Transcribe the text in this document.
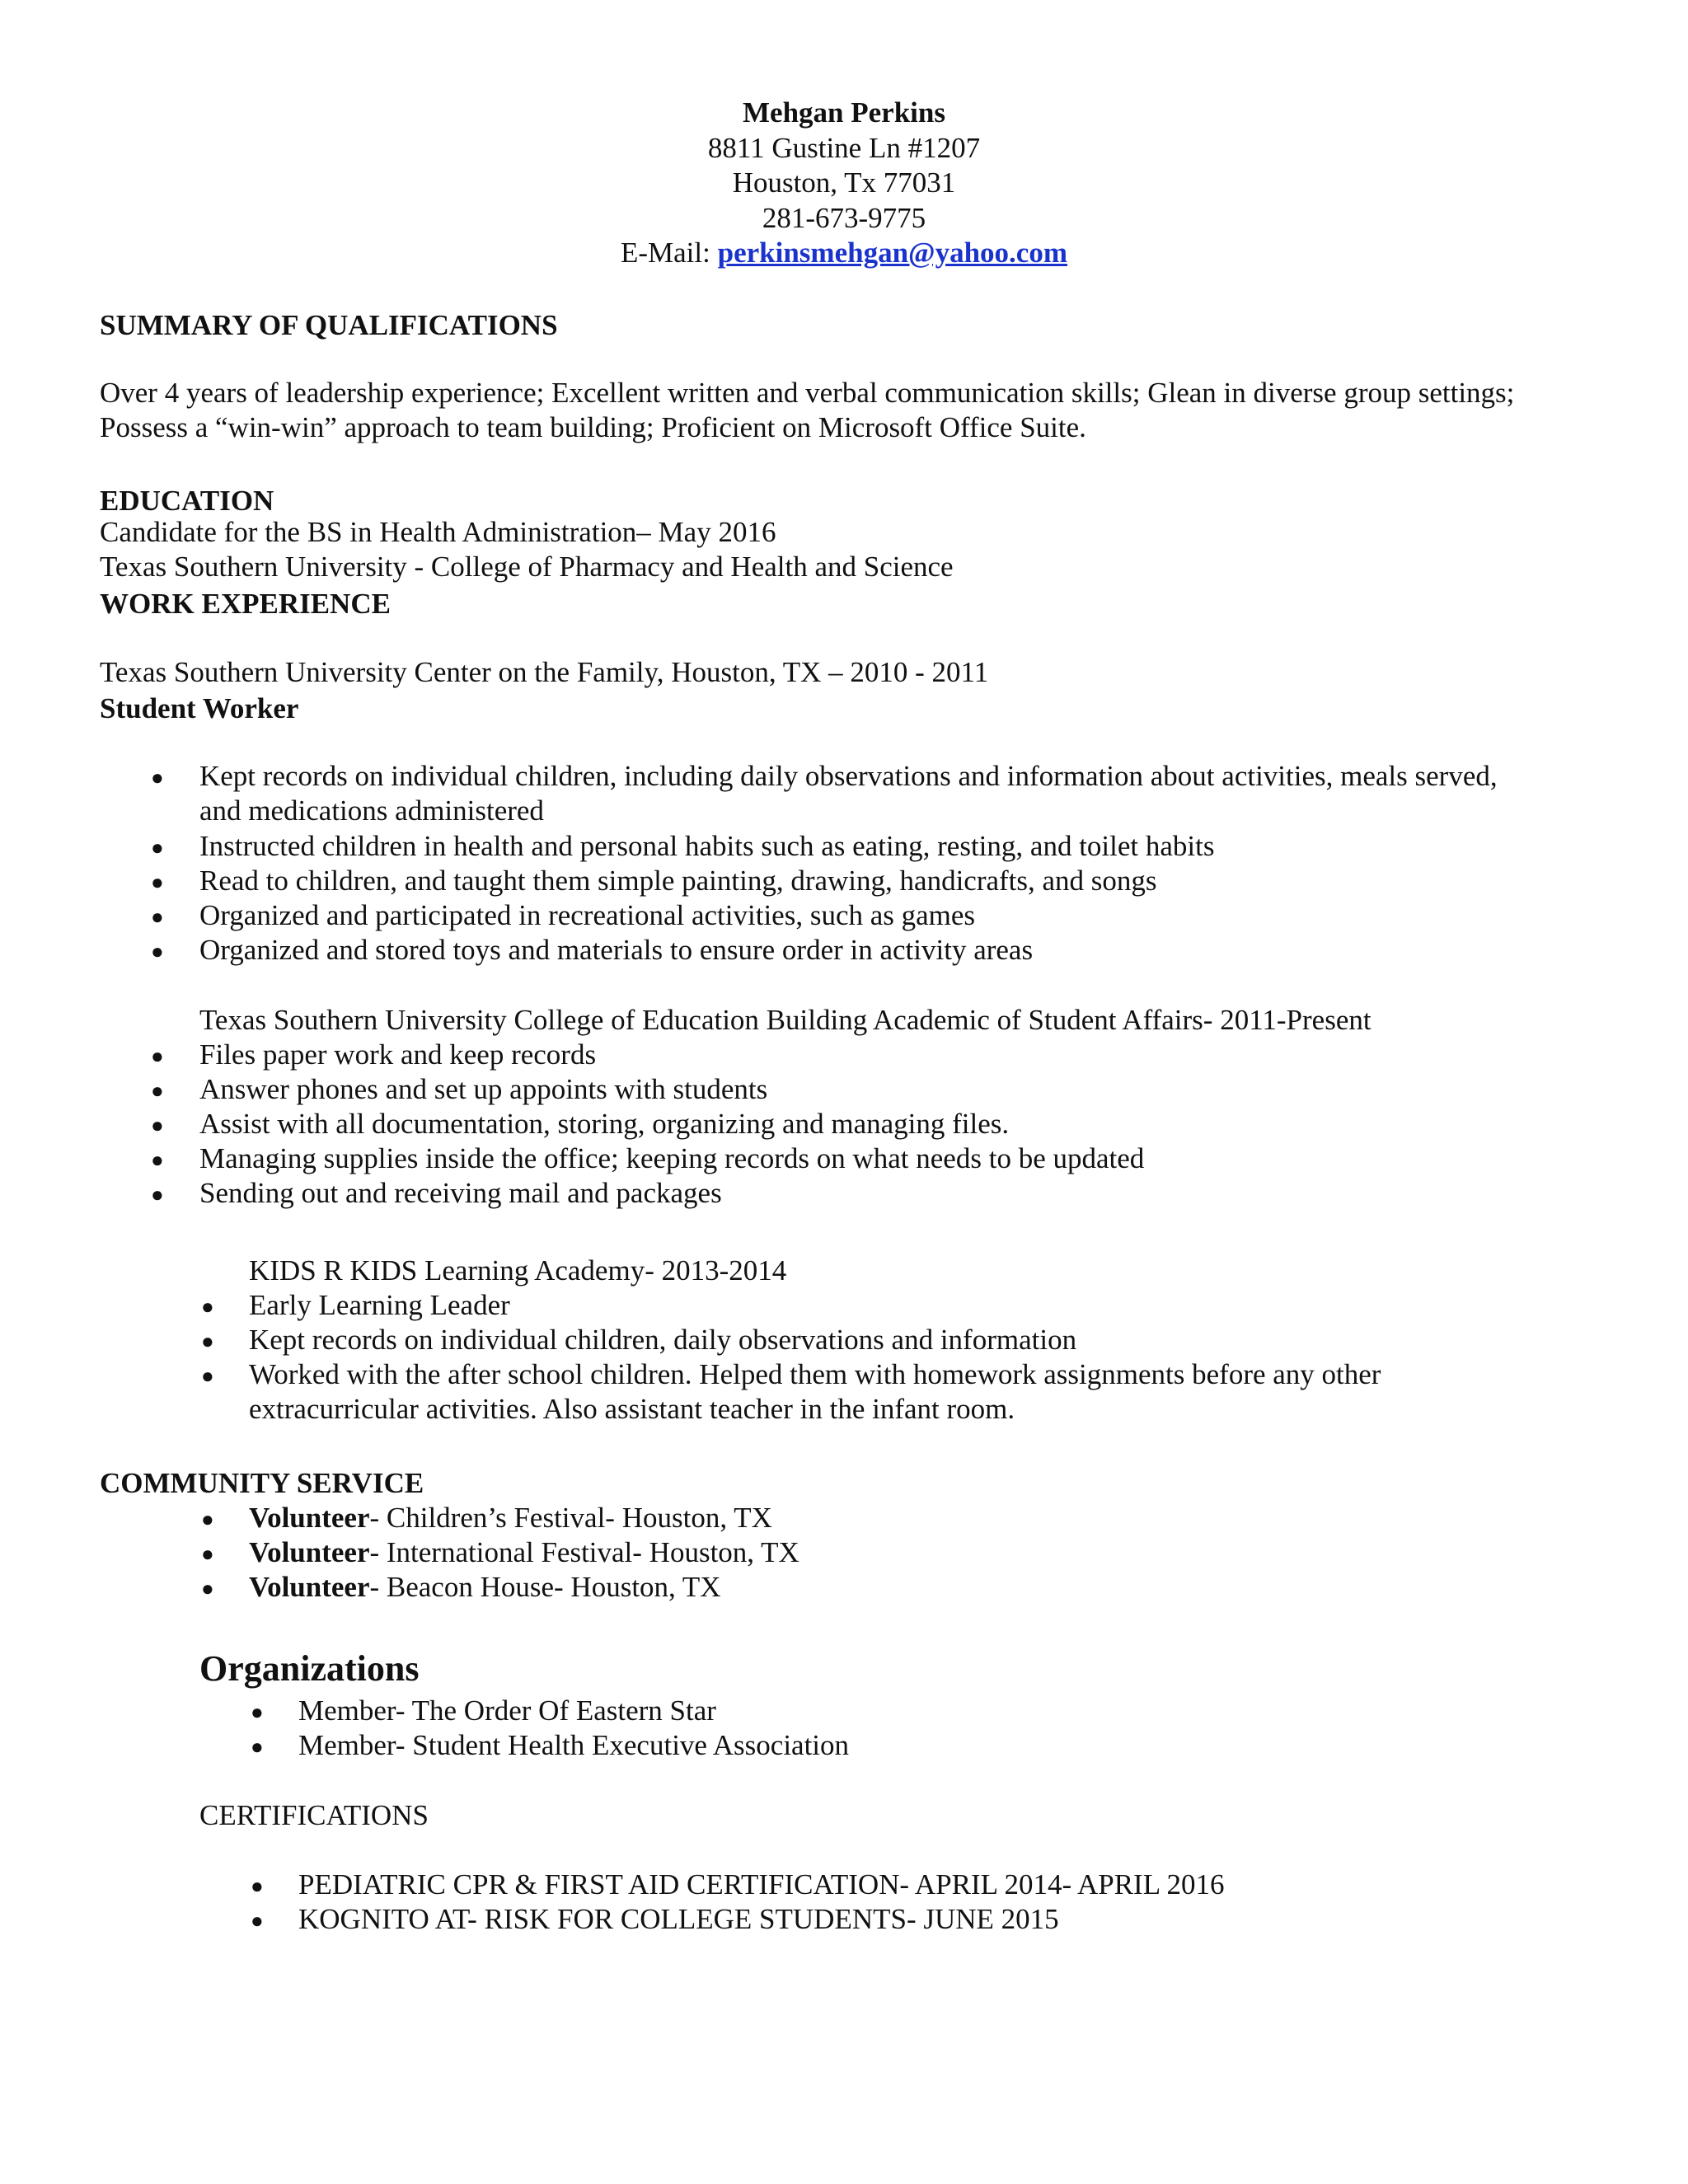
Mehgan Perkins
8811 Gustine Ln #1207
Houston, Tx 77031
281-673-9775
E-Mail: perkinsmehgan@yahoo.com
SUMMARY OF QUALIFICATIONS
Over 4 years of leadership experience; Excellent written and verbal communication skills; Glean in diverse group settings;
Possess a “win-win” approach to team building; Proficient on Microsoft Office Suite.
EDUCATION
Candidate for the BS in Health Administration– May 2016
Texas Southern University - College of Pharmacy and Health and Science
WORK EXPERIENCE
Texas Southern University Center on the Family, Houston, TX – 2010 - 2011
Student Worker
● Kept records on individual children, including daily observations and information about activities, meals served,
and medications administered
● Instructed children in health and personal habits such as eating, resting, and toilet habits
● Read to children, and taught them simple painting, drawing, handicrafts, and songs
● Organized and participated in recreational activities, such as games
● Organized and stored toys and materials to ensure order in activity areas
Texas Southern University College of Education Building Academic of Student Affairs- 2011-Present
● Files paper work and keep records
● Answer phones and set up appoints with students
● Assist with all documentation, storing, organizing and managing files.
● Managing supplies inside the office; keeping records on what needs to be updated
● Sending out and receiving mail and packages
KIDS R KIDS Learning Academy- 2013-2014
● Early Learning Leader
● Kept records on individual children, daily observations and information
● Worked with the after school children. Helped them with homework assignments before any other
extracurricular activities. Also assistant teacher in the infant room.
COMMUNITY SERVICE
● Volunteer- Children’s Festival- Houston, TX
● Volunteer- International Festival- Houston, TX
● Volunteer- Beacon House- Houston, TX
Organizations
● Member- The Order Of Eastern Star
● Member- Student Health Executive Association
CERTIFICATIONS
● PEDIATRIC CPR & FIRST AID CERTIFICATION- APRIL 2014- APRIL 2016
● KOGNITO AT- RISK FOR COLLEGE STUDENTS- JUNE 2015
